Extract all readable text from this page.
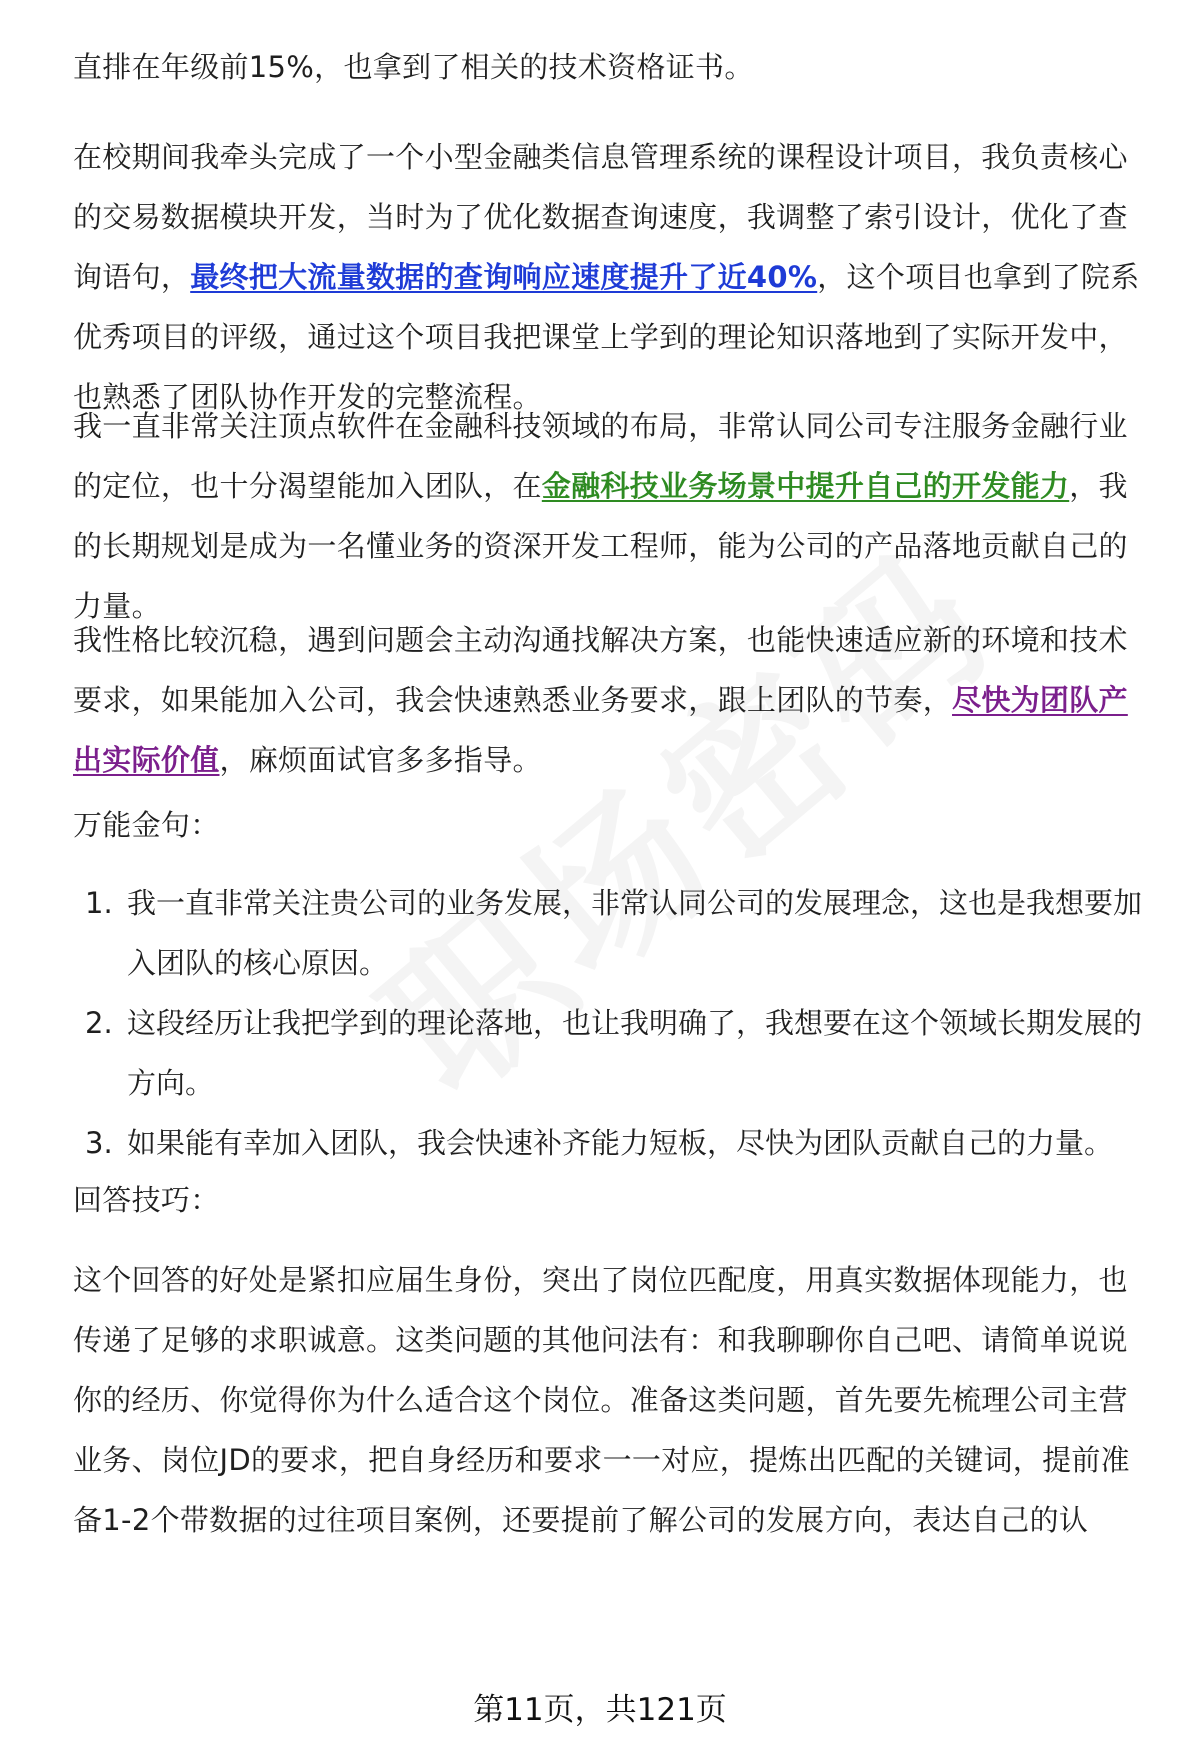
直排在年级前15%，也拿到了相关的技术资格证书。
在校期间我牵头完成了一个小型金融类信息管理系统的课程设计项目，我负责核心的交易数据模块开发，当时为了优化数据查询速度，我调整了索引设计，优化了查询语句，最终把大流量数据的查询响应速度提升了近40%，这个项目也拿到了院系优秀项目的评级，通过这个项目我把课堂上学到的理论知识落地到了实际开发中，也熟悉了团队协作开发的完整流程。
我一直非常关注顶点软件在金融科技领域的布局，非常认同公司专注服务金融行业的定位，也十分渴望能加入团队，在金融科技业务场景中提升自己的开发能力，我的长期规划是成为一名懂业务的资深开发工程师，能为公司的产品落地贡献自己的力量。
我性格比较沉稳，遇到问题会主动沟通找解决方案，也能快速适应新的环境和技术要求，如果能加入公司，我会快速熟悉业务要求，跟上团队的节奏，尽快为团队产出实际价值，麻烦面试官多多指导。
万能金句：
1. 我一直非常关注贵公司的业务发展，非常认同公司的发展理念，这也是我想要加入团队的核心原因。
2. 这段经历让我把学到的理论落地，也让我明确了，我想要在这个领域长期发展的方向。
3. 如果能有幸加入团队，我会快速补齐能力短板，尽快为团队贡献自己的力量。
回答技巧：
这个回答的好处是紧扣应届生身份，突出了岗位匹配度，用真实数据体现能力，也传递了足够的求职诚意。这类问题的其他问法有：和我聊聊你自己吧、请简单说说你的经历、你觉得你为什么适合这个岗位。准备这类问题，首先要先梳理公司主营业务、岗位JD的要求，把自身经历和要求一一对应，提炼出匹配的关键词，提前准备1-2个带数据的过往项目案例，还要提前了解公司的发展方向，表达自己的认
第11页，共121页
